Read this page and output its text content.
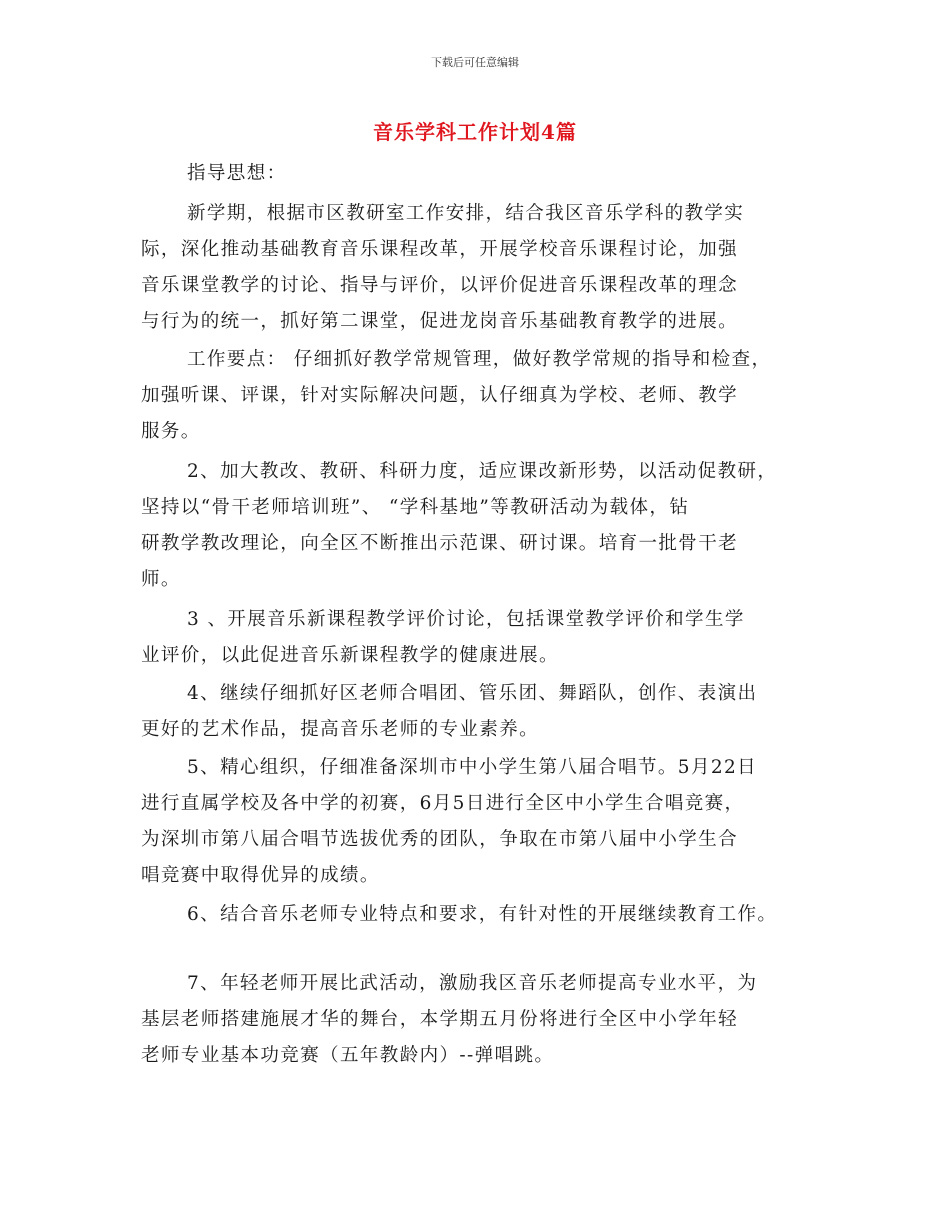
下载后可任意编辑
音乐学科工作计划4篇
指导思想：
新学期，根据市区教研室工作安排，结合我区音乐学科的教学实
际，深化推动基础教育音乐课程改革，开展学校音乐课程讨论，加强
音乐课堂教学的讨论、指导与评价，以评价促进音乐课程改革的理念
与行为的统一，抓好第二课堂，促进龙岗音乐基础教育教学的进展。
工作要点： 仔细抓好教学常规管理，做好教学常规的指导和检查，
加强听课、评课，针对实际解决问题，认仔细真为学校、老师、教学
服务。
2、加大教改、教研、科研力度，适应课改新形势，以活动促教研，
坚持以“骨干老师培训班”、 “学科基地”等教研活动为载体，钻
研教学教改理论，向全区不断推出示范课、研讨课。培育一批骨干老
师。
3 、开展音乐新课程教学评价讨论，包括课堂教学评价和学生学
业评价，以此促进音乐新课程教学的健康进展。
4、继续仔细抓好区老师合唱团、管乐团、舞蹈队，创作、表演出
更好的艺术作品，提高音乐老师的专业素养。
5、精心组织，仔细准备深圳市中小学生第八届合唱节。5月22日
进行直属学校及各中学的初赛，6月5日进行全区中小学生合唱竞赛，
为深圳市第八届合唱节选拔优秀的团队，争取在市第八届中小学生合
唱竞赛中取得优异的成绩。
6、结合音乐老师专业特点和要求，有针对性的开展继续教育工作。
7、年轻老师开展比武活动，激励我区音乐老师提高专业水平，为
基层老师搭建施展才华的舞台，本学期五月份将进行全区中小学年轻
老师专业基本功竞赛（五年教龄内）--弹唱跳。
